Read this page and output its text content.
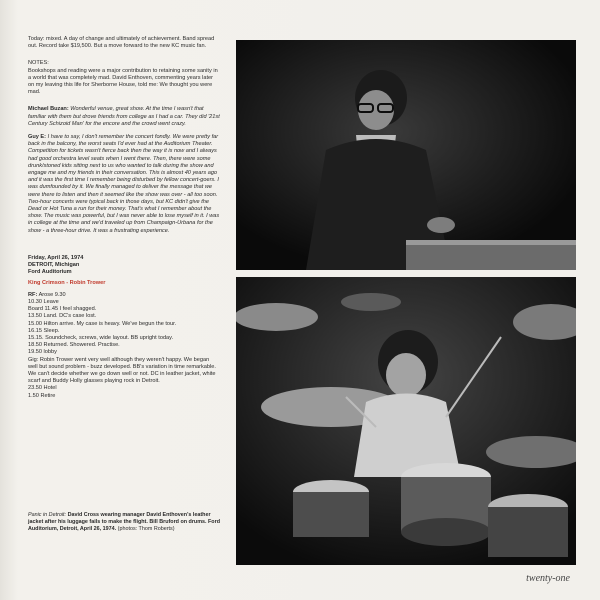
Today: mixed. A day of change and ultimately of achievement. Band spread out. Record take $19,500. But a move forward to the new KC music fan.

NOTES:

Bookshops and reading were a major contribution to retaining some sanity in a world that was completely mad. David Enthoven, commenting years later on my leaving this life for Sherborne House, told me: We thought you were mad.

Michael Buzan: Wonderful venue, great show. At the time I wasn't that familiar with them but drove friends from college as I had a car. They did '21st Century Schizoid Man' for the encore and the crowd went crazy.

Guy E: I have to say, I don't remember the concert fondly. We were pretty far back in the balcony, the worst seats I'd ever had at the Auditorium Theater. Competition for tickets wasn't fierce back then the way it is now and I always had good orchestra level seats when I went there. Then, there were some drunk/stoned kids sitting next to us who wanted to talk during the show and engage me and my friends in their conversation. This is almost 40 years ago and it was the first time I remember being disturbed by fellow concert-goers. I was dumfounded by it. We finally managed to deliver the message that we were there to listen and then it seemed like the show was over - all too soon. Two-hour concerts were typical back in those days, but KC didn't give the Dead or Hot Tuna a run for their money. That's what I remember about the show. The music was powerful, but I was never able to lose myself in it. I was in college at the time and we'd traveled up from Champaign-Urbana for the show - a three-hour drive. It was a frustrating experience.

Friday, April 26, 1974
DETROIT, Michigan
Ford Auditorium
King Crimson - Robin Trower
RF: Arose 9.30
10.30 Leave
Board 11.45 I feel shagged.
13.50 Land. DC's case lost.
15.00 Hilton arrive. My case is heavy. We've begun the tour.
16.15 Sleep.
15.15. Soundcheck, screws, wide layout. BB upright today.
18.50 Returned. Showered. Practise.
19.50 lobby
Gig: Robin Trower went very well although they weren't happy. We began well but sound problem - buzz developed. BB's variation in time remarkable. We can't decide whether we go down well or not. DC in leather jacket, white scarf and Buddy Holly glasses playing rock in Detroit.
23.50 Hotel
1.50 Retire
Panic in Detroit: David Cross wearing manager David Enthoven's leather jacket after his luggage fails to make the flight. Bill Bruford on drums. Ford Auditorium, Detroit, April 26, 1974. (photos: Thom Roberts)
twenty-one
